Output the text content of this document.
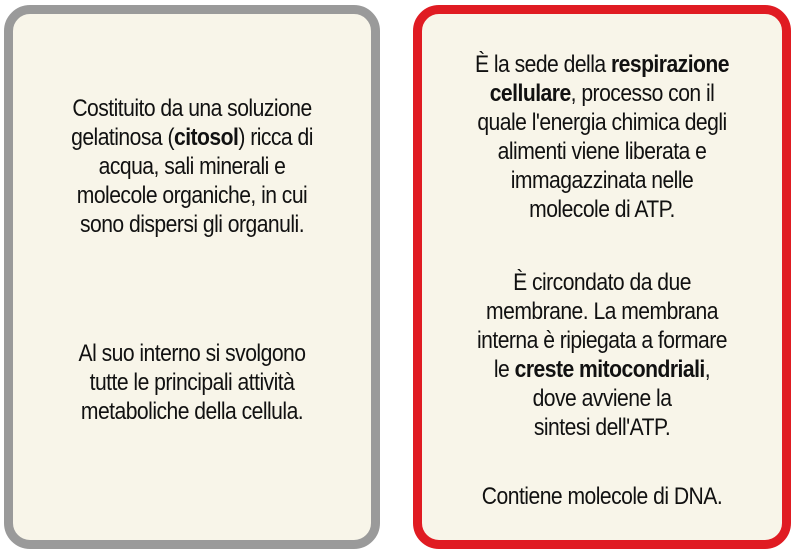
Costituito da una soluzione
gelatinosa (citosol) ricca di
acqua, sali minerali e
molecole organiche, in cui
sono dispersi gli organuli.

Al suo interno si svolgono
tutte le principali attività
metaboliche della cellula.

È la sede della respirazione
cellulare, processo con il
quale l'energia chimica degli
alimenti viene liberata e
immagazzinata nelle
molecole di ATP.

È circondato da due
membrane. La membrana
interna è ripiegata a formare
le creste mitocondriali,
dove avviene la
sintesi dell'ATP.

Contiene molecole di DNA.
